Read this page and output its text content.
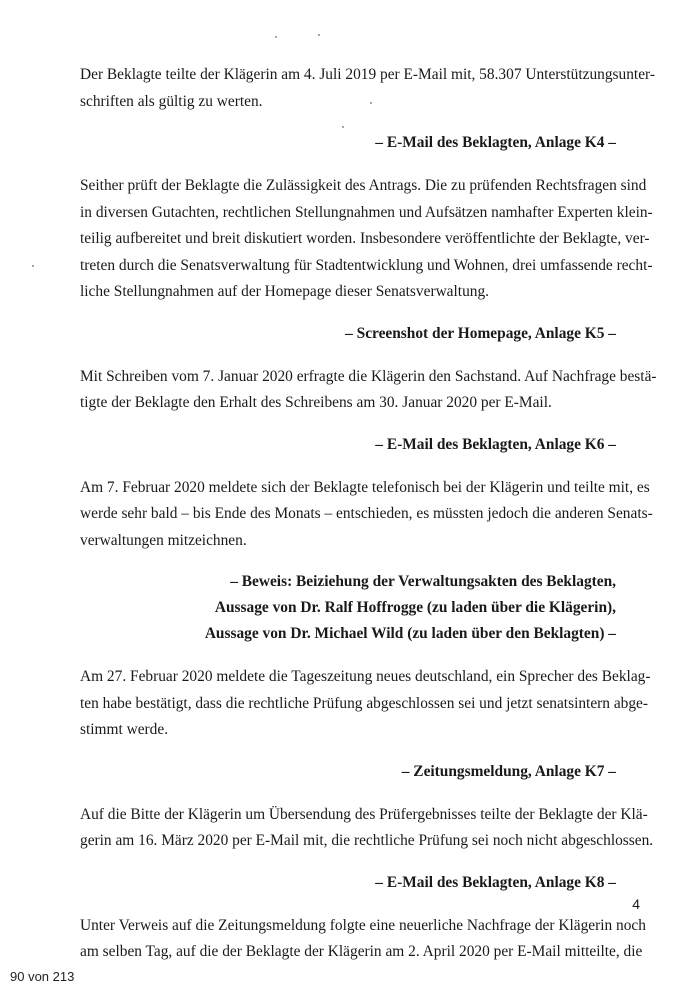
Der Beklagte teilte der Klägerin am 4. Juli 2019 per E-Mail mit, 58.307 Unterstützungsunter-
schriften als gültig zu werten.

– E-Mail des Beklagten, Anlage K4 –

Seither prüft der Beklagte die Zulässigkeit des Antrags. Die zu prüfenden Rechtsfragen sind
in diversen Gutachten, rechtlichen Stellungnahmen und Aufsätzen namhafter Experten klein-
teilig aufbereitet und breit diskutiert worden. Insbesondere veröffentlichte der Beklagte, ver-
treten durch die Senatsverwaltung für Stadtentwicklung und Wohnen, drei umfassende recht-
liche Stellungnahmen auf der Homepage dieser Senatsverwaltung.

– Screenshot der Homepage, Anlage K5 –

Mit Schreiben vom 7. Januar 2020 erfragte die Klägerin den Sachstand. Auf Nachfrage bestä-
tigte der Beklagte den Erhalt des Schreibens am 30. Januar 2020 per E-Mail.

– E-Mail des Beklagten, Anlage K6 –

Am 7. Februar 2020 meldete sich der Beklagte telefonisch bei der Klägerin und teilte mit, es
werde sehr bald – bis Ende des Monats – entschieden, es müssten jedoch die anderen Senats-
verwaltungen mitzeichnen.

– Beweis: Beiziehung der Verwaltungsakten des Beklagten,
Aussage von Dr. Ralf Hoffrogge (zu laden über die Klägerin),
Aussage von Dr. Michael Wild (zu laden über den Beklagten) –

Am 27. Februar 2020 meldete die Tageszeitung neues deutschland, ein Sprecher des Beklag-
ten habe bestätigt, dass die rechtliche Prüfung abgeschlossen sei und jetzt senatsintern abge-
stimmt werde.

– Zeitungsmeldung, Anlage K7 –

Auf die Bitte der Klägerin um Übersendung des Prüfergebnisses teilte der Beklagte der Klä-
gerin am 16. März 2020 per E-Mail mit, die rechtliche Prüfung sei noch nicht abgeschlossen.

– E-Mail des Beklagten, Anlage K8 –

Unter Verweis auf die Zeitungsmeldung folgte eine neuerliche Nachfrage der Klägerin noch
am selben Tag, auf die der Beklagte der Klägerin am 2. April 2020 per E-Mail mitteilte, die

4
90 von 213
